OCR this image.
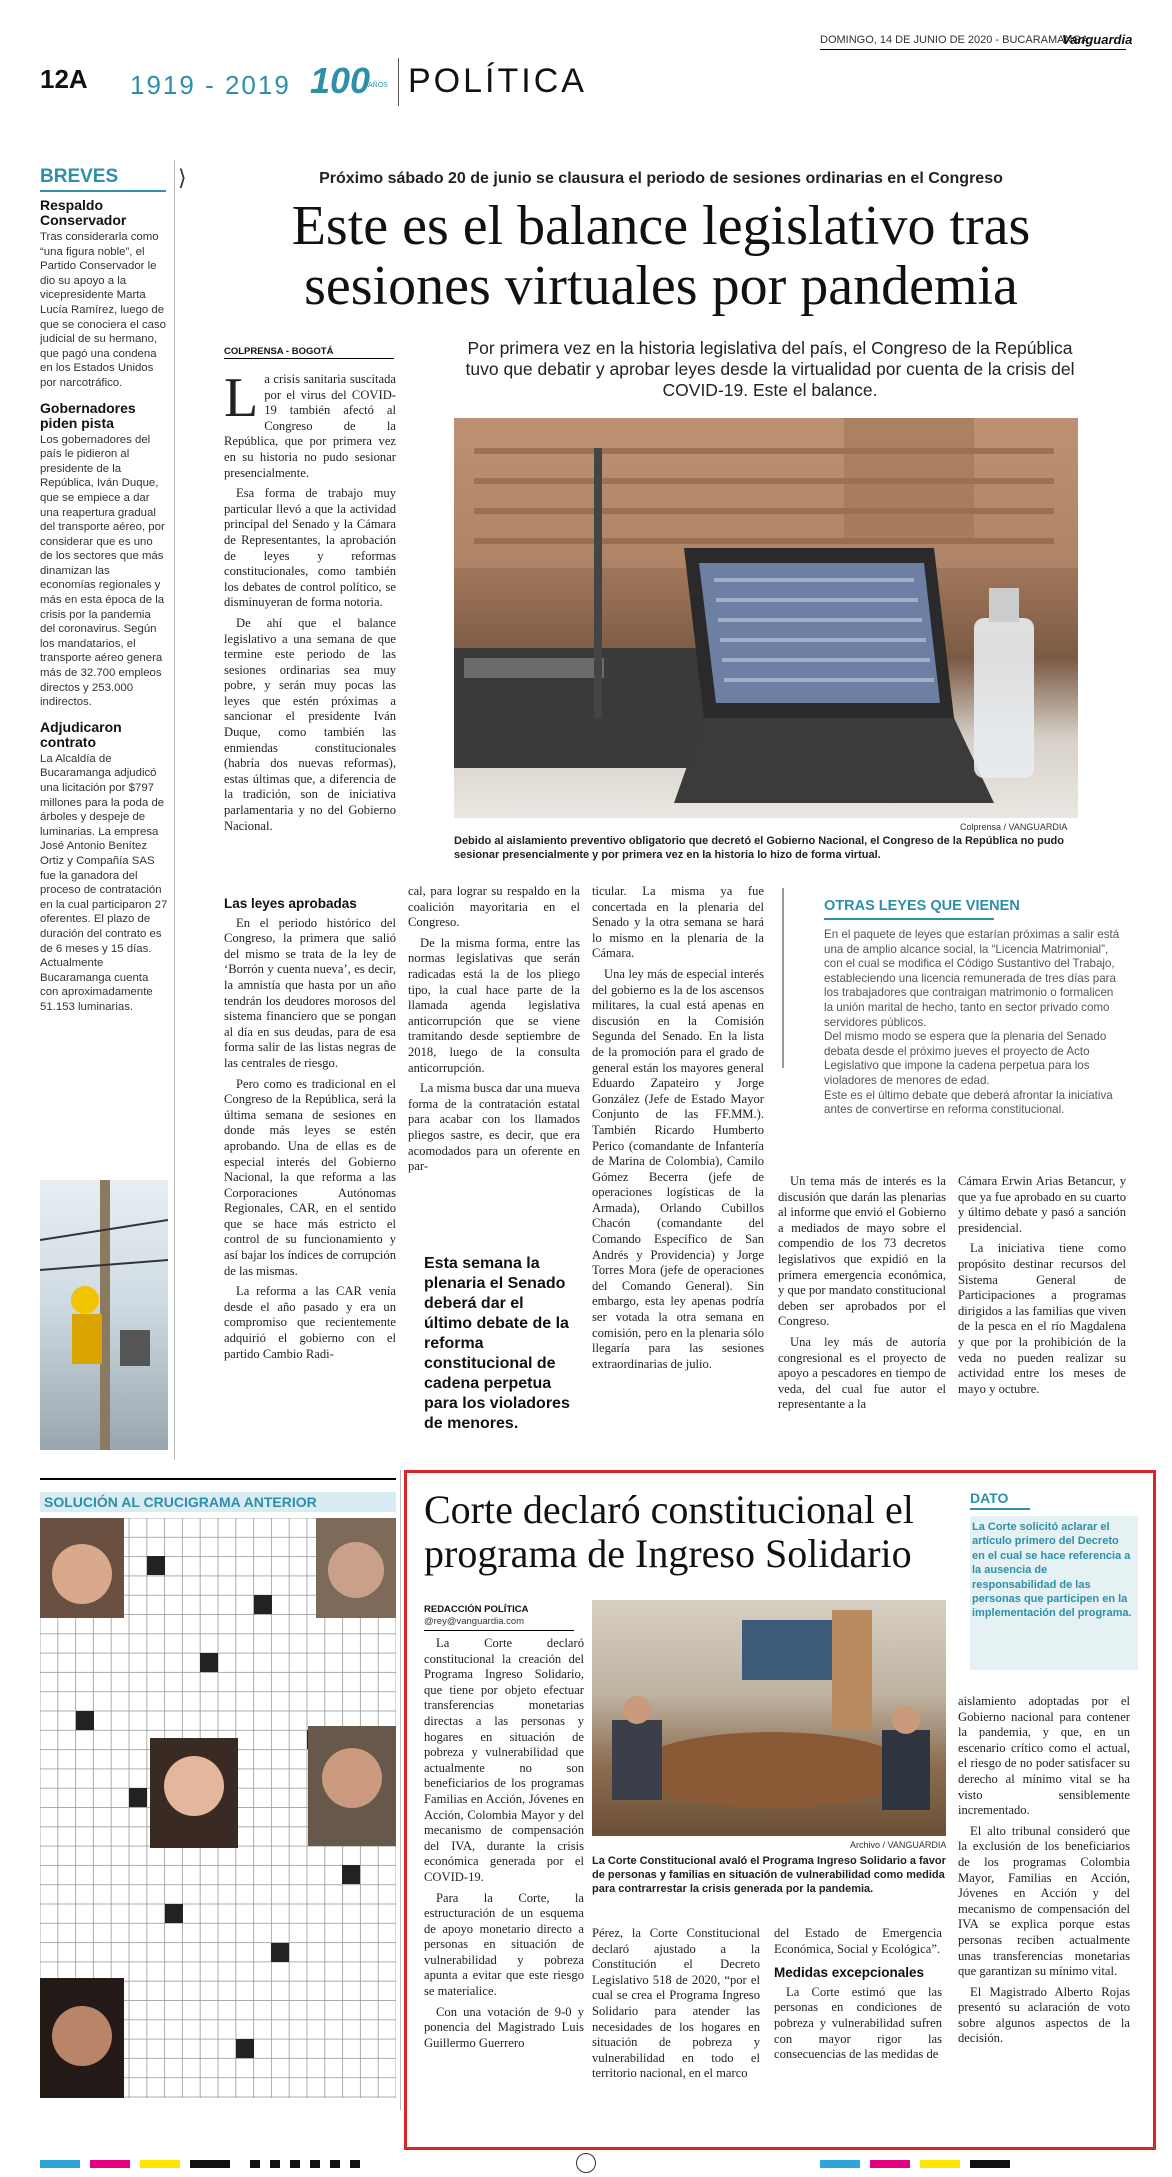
DOMINGO, 14 DE JUNIO DE 2020 - BUCARAMANGA
Vanguardia
12A 1919 - 2019 100
AÑOS POLÍTICA
BREVES
Respaldo Conservador

Tras considerarla como “una figura noble”, el Partido Conservador le dio su apoyo a la vicepresidente Marta Lucía Ramírez, luego de que se conociera el caso judicial de su hermano, que pagó una condena en los Estados Unidos por narcotráfico.

Gobernadores piden pista

Los gobernadores del país le pidieron al presidente de la República, Iván Duque, que se empiece a dar una reapertura gradual del transporte aéreo, por considerar que es uno de los sectores que más dinamizan las economías regionales y más en esta época de la crisis por la pandemia del coronavirus. Según los mandatarios, el transporte aéreo genera más de 32.700 empleos directos y 253.000 indirectos.

Adjudicaron contrato

La Alcaldía de Bucaramanga adjudicó una licitación por $797 millones para la poda de árboles y despeje de luminarias. La empresa José Antonio Benítez Ortiz y Compañía SAS fue la ganadora del proceso de contratación en la cual participaron 27 oferentes. El plazo de duración del contrato es de 6 meses y 15 días. Actualmente Bucaramanga cuenta con aproximadamente 51.153 luminarias.

⟩	Próximo sábado 20 de junio se clausura el periodo de sesiones ordinarias en el Congreso
Este es el balance legislativo tras
sesiones virtuales por pandemia
COLPRENSA - BOGOTÁ	Por primera vez en la historia legislativa del país, el Congreso de la República tuvo que debatir y aprobar leyes desde la virtualidad por cuenta de la crisis del COVID-19. Este el balance.
Colprensa / VANGUARDIA
Debido al aislamiento preventivo obligatorio que decretó el Gobierno Nacional, el Congreso de la República no pudo sesionar presencialmente y por primera vez en la historia lo hizo de forma virtual.
L a crisis sanitaria suscitada por el virus del COVID-19 también afectó al Congreso de la República, que por primera vez en su historia no pudo sesionar presencialmente.

Esa forma de trabajo muy particular llevó a que la actividad principal del Senado y la Cámara de Representantes, la aprobación de leyes y reformas constitucionales, como también los debates de control político, se disminuyeran de forma notoria.

De ahí que el balance legislativo a una semana de que termine este periodo de las sesiones ordinarias sea muy pobre, y serán muy pocas las leyes que estén próximas a sancionar el presidente Iván Duque, como también las enmiendas constitucionales (habría dos nuevas reformas), estas últimas que, a diferencia de la tradición, son de iniciativa parlamentaria y no del Gobierno Nacional.

Las leyes aprobadas

En el periodo histórico del Congreso, la primera que salió del mismo se trata de la ley de ‘Borrón y cuenta nueva’, es decir, la amnistía que hasta por un año tendrán los deudores morosos del sistema financiero que se pongan al día en sus deudas, para de esa forma salir de las listas negras de las centrales de riesgo.

Pero como es tradicional en el Congreso de la República, será la última semana de sesiones en donde más leyes se estén aprobando. Una de ellas es de especial interés del Gobierno Nacional, la que reforma a las Corporaciones Autónomas Regionales, CAR, en el sentido que se hace más estricto el control de su funcionamiento y así bajar los índices de corrupción de las mismas.

La reforma a las CAR venía desde el año pasado y era un compromiso que recientemente adquirió el gobierno con el partido Cambio Radi-

cal, para lograr su respaldo en la coalición mayoritaria en el Congreso.

De la misma forma, entre las normas legislativas que serán radicadas está la de los pliego tipo, la cual hace parte de la llamada agenda legislativa anticorrupción que se viene tramitando desde septiembre de 2018, luego de la consulta anticorrupción.

La misma busca dar una mueva forma de la contratación estatal para acabar con los llamados pliegos sastre, es decir, que era acomodados para un oferente en par-

Esta semana la plenaria el Senado deberá dar el último debate de la reforma constitucional de cadena perpetua para los violadores de menores.

ticular. La misma ya fue concertada en la plenaria del Senado y la otra semana se hará lo mismo en la plenaria de la Cámara.

Una ley más de especial interés del gobierno es la de los ascensos militares, la cual está apenas en discusión en la Comisión Segunda del Senado. En la lista de la promoción para el grado de general están los mayores general Eduardo Zapateiro y Jorge González (Jefe de Estado Mayor Conjunto de las FF.MM.). También Ricardo Humberto Perico (comandante de Infantería de Marina de Colombia), Camilo Gómez Becerra (jefe de operaciones logísticas de la Armada), Orlando Cubillos Chacón (comandante del Comando Específico de San Andrés y Providencia) y Jorge Torres Mora (jefe de operaciones del Comando General). Sin embargo, esta ley apenas podría ser votada la otra semana en comisión, pero en la plenaria sólo llegaría para las sesiones extraordinarias de julio.

OTRAS LEYES QUE VIENEN

En el paquete de leyes que estarían próximas a salir está una de amplio alcance social, la “Licencia Matrimonial”, con el cual se modifica el Código Sustantivo del Trabajo, estableciendo una licencia remunerada de tres días para los trabajadores que contraigan matrimonio o formalicen la unión marital de hecho, tanto en sector privado como servidores públicos.

Del mismo modo se espera que la plenaria del Senado debata desde el próximo jueves el proyecto de Acto Legislativo que impone la cadena perpetua para los violadores de menores de edad.

Este es el último debate que deberá afrontar la iniciativa antes de convertirse en reforma constitucional.

Un tema más de interés es la discusión que darán las plenarias al informe que envió el Gobierno a mediados de mayo sobre el compendio de los 73 decretos legislativos que expidió en la primera emergencia económica, y que por mandato constitucional deben ser aprobados por el Congreso.

Una ley más de autoría congresional es el proyecto de apoyo a pescadores en tiempo de veda, del cual fue autor el representante a la

Cámara Erwin Arias Betancur, y que ya fue aprobado en su cuarto y último debate y pasó a sanción presidencial.

La iniciativa tiene como propósito destinar recursos del Sistema General de Participaciones a programas dirigidos a las familias que viven de la pesca en el río Magdalena y que por la prohibición de la veda no pueden realizar su actividad entre los meses de mayo y octubre.

SOLUCIÓN AL CRUCIGRAMA ANTERIOR	Corte declaró constitucional el
programa de Ingreso Solidario
REDACCIÓN POLÍTICA
@rey@vanguardia.com

La Corte declaró constitucional la creación del Programa Ingreso Solidario, que tiene por objeto efectuar transferencias monetarias directas a las personas y hogares en situación de pobreza y vulnerabilidad que actualmente no son beneficiarios de los programas Familias en Acción, Jóvenes en Acción, Colombia Mayor y del mecanismo de compensación del IVA, durante la crisis económica generada por el COVID-19.

Para la Corte, la estructuración de un esquema de apoyo monetario directo a personas en situación de vulnerabilidad y pobreza apunta a evitar que este riesgo se materialice.

Con una votación de 9-0 y ponencia del Magistrado Luis Guillermo Guerrero

Archivo / VANGUARDIA
La Corte Constitucional avaló el Programa Ingreso Solidario a favor de personas y familias en situación de vulnerabilidad como medida para contrarrestar la crisis generada por la pandemia.

Pérez, la Corte Constitucional declaró ajustado a la Constitución el Decreto Legislativo 518 de 2020, “por el cual se crea el Programa Ingreso Solidario para atender las necesidades de los hogares en situación de pobreza y vulnerabilidad en todo el territorio nacional, en el marco

del Estado de Emergencia Económica, Social y Ecológica”.

Medidas excepcionales

La Corte estimó que las personas en condiciones de pobreza y vulnerabilidad sufren con mayor rigor las consecuencias de las medidas de

DATO
La Corte solicitó aclarar el artículo primero del Decreto en el cual se hace referencia a la ausencia de responsabilidad de las personas que participen en la implementación del programa.

aislamiento adoptadas por el Gobierno nacional para contener la pandemia, y que, en un escenario crítico como el actual, el riesgo de no poder satisfacer su derecho al mínimo vital se ha visto sensiblemente incrementado.

El alto tribunal consideró que la exclusión de los beneficiarios de los programas Colombia Mayor, Familias en Acción, Jóvenes en Acción y del mecanismo de compensación del IVA se explica porque estas personas reciben actualmente unas transferencias monetarias que garantizan su mínimo vital.

El Magistrado Alberto Rojas presentó su aclaración de voto sobre algunos aspectos de la decisión.
